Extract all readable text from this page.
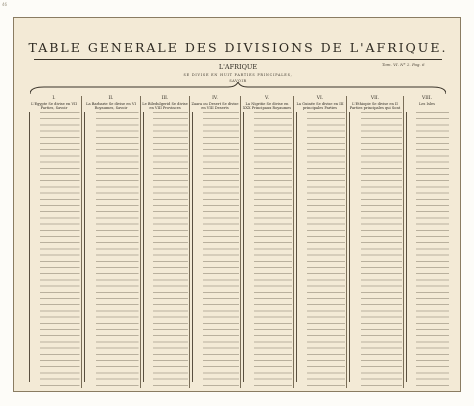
46
TABLE GENERALE DES DIVISIONS DE L'AFRIQUE.
Tom. VI. N° 2. Pag. 6
L'AFRIQUE
SE DIVISE EN HUIT PARTIES PRINCIPALES,
SAVOIR
I.
L'Egypte Se divise en VII Parties, Savoir
II.
La Barbarie Se divise en VI Royaumes, Savoir
III.
Le Biledulgerid Se divise en VIII Provinces
IV.
Zaara ou Desert Se divise en VIII Deserts
V.
La Nigritie Se divise en XXX Principaux Royaumes
VI.
La Guinée Se divise en III principales Parties
VII.
L'Ethiopie Se divise en II Parties principales qui Sont
VIII.
Les Isles
